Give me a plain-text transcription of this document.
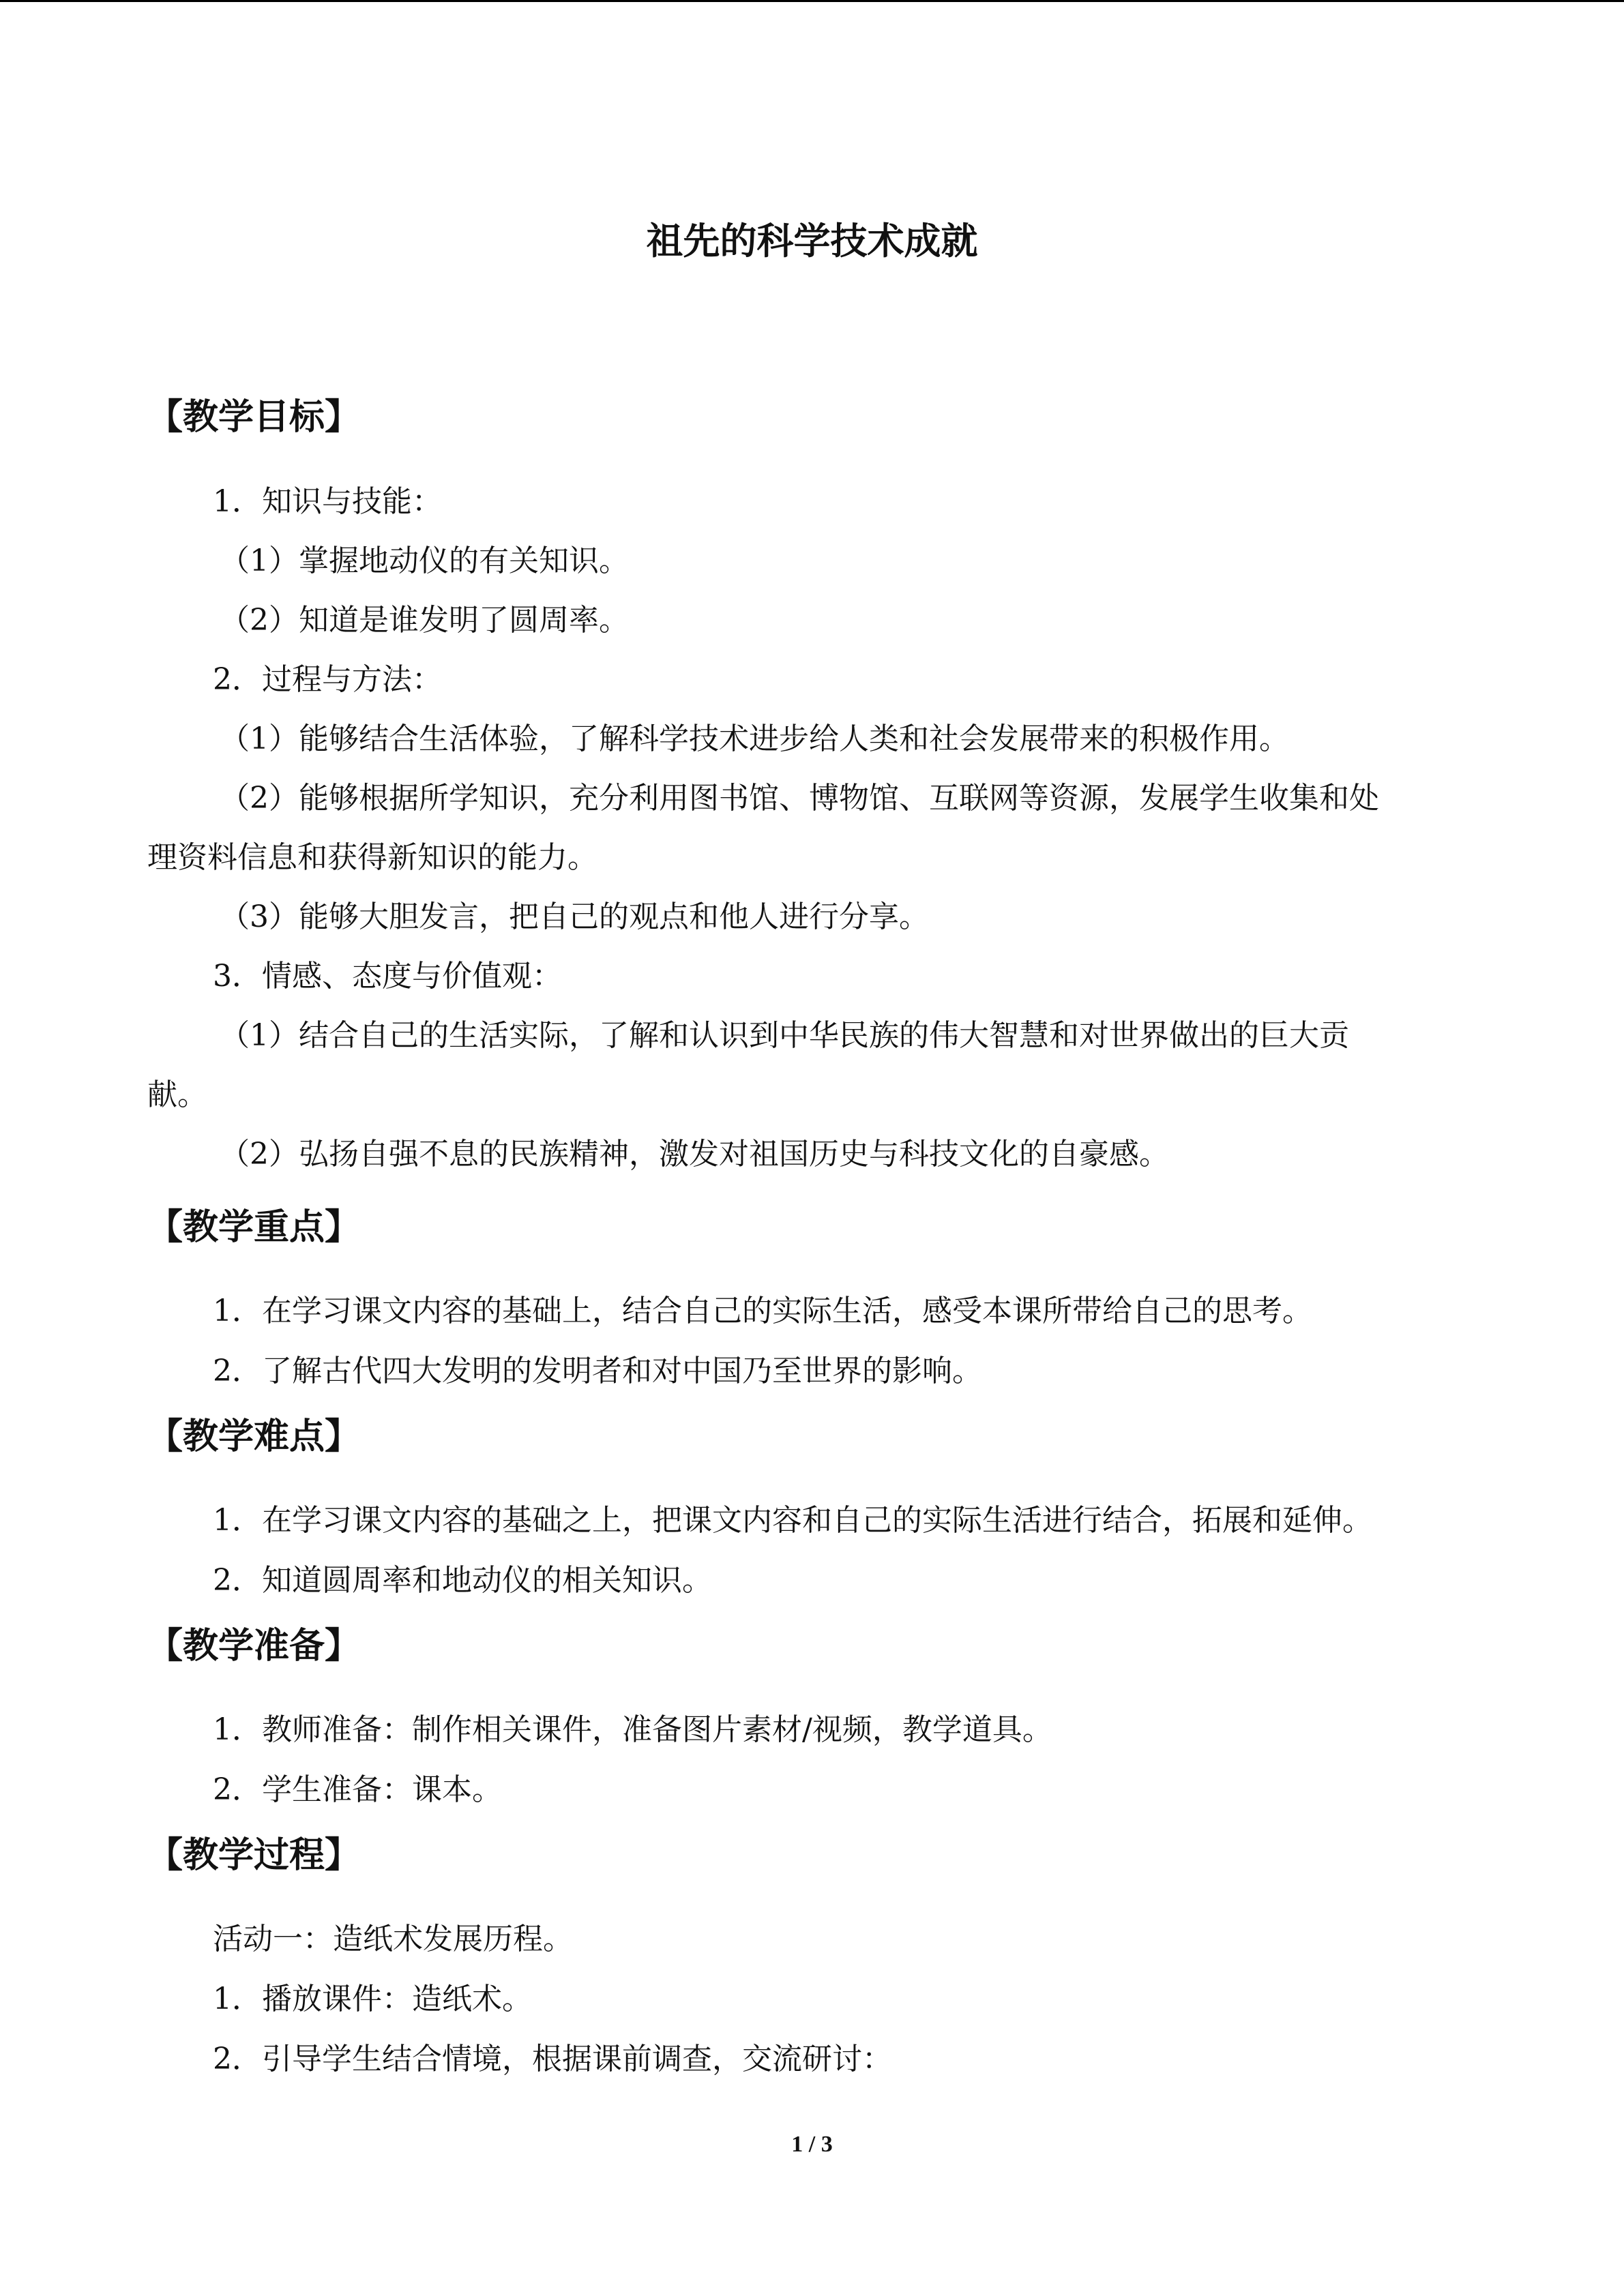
祖先的科学技术成就
【教学目标】
1．知识与技能：
（1）掌握地动仪的有关知识。
（2）知道是谁发明了圆周率。
2．过程与方法：
（1）能够结合生活体验，了解科学技术进步给人类和社会发展带来的积极作用。
（2）能够根据所学知识，充分利用图书馆、博物馆、互联网等资源，发展学生收集和处
理资料信息和获得新知识的能力。
（3）能够大胆发言，把自己的观点和他人进行分享。
3．情感、态度与价值观：
（1）结合自己的生活实际，了解和认识到中华民族的伟大智慧和对世界做出的巨大贡
献。
（2）弘扬自强不息的民族精神，激发对祖国历史与科技文化的自豪感。
【教学重点】
1．在学习课文内容的基础上，结合自己的实际生活，感受本课所带给自己的思考。
2．了解古代四大发明的发明者和对中国乃至世界的影响。
【教学难点】
1．在学习课文内容的基础之上，把课文内容和自己的实际生活进行结合，拓展和延伸。
2．知道圆周率和地动仪的相关知识。
【教学准备】
1．教师准备：制作相关课件，准备图片素材/视频，教学道具。
2．学生准备：课本。
【教学过程】
活动一：造纸术发展历程。
1．播放课件：造纸术。
2．引导学生结合情境，根据课前调查，交流研讨：
1 / 3
